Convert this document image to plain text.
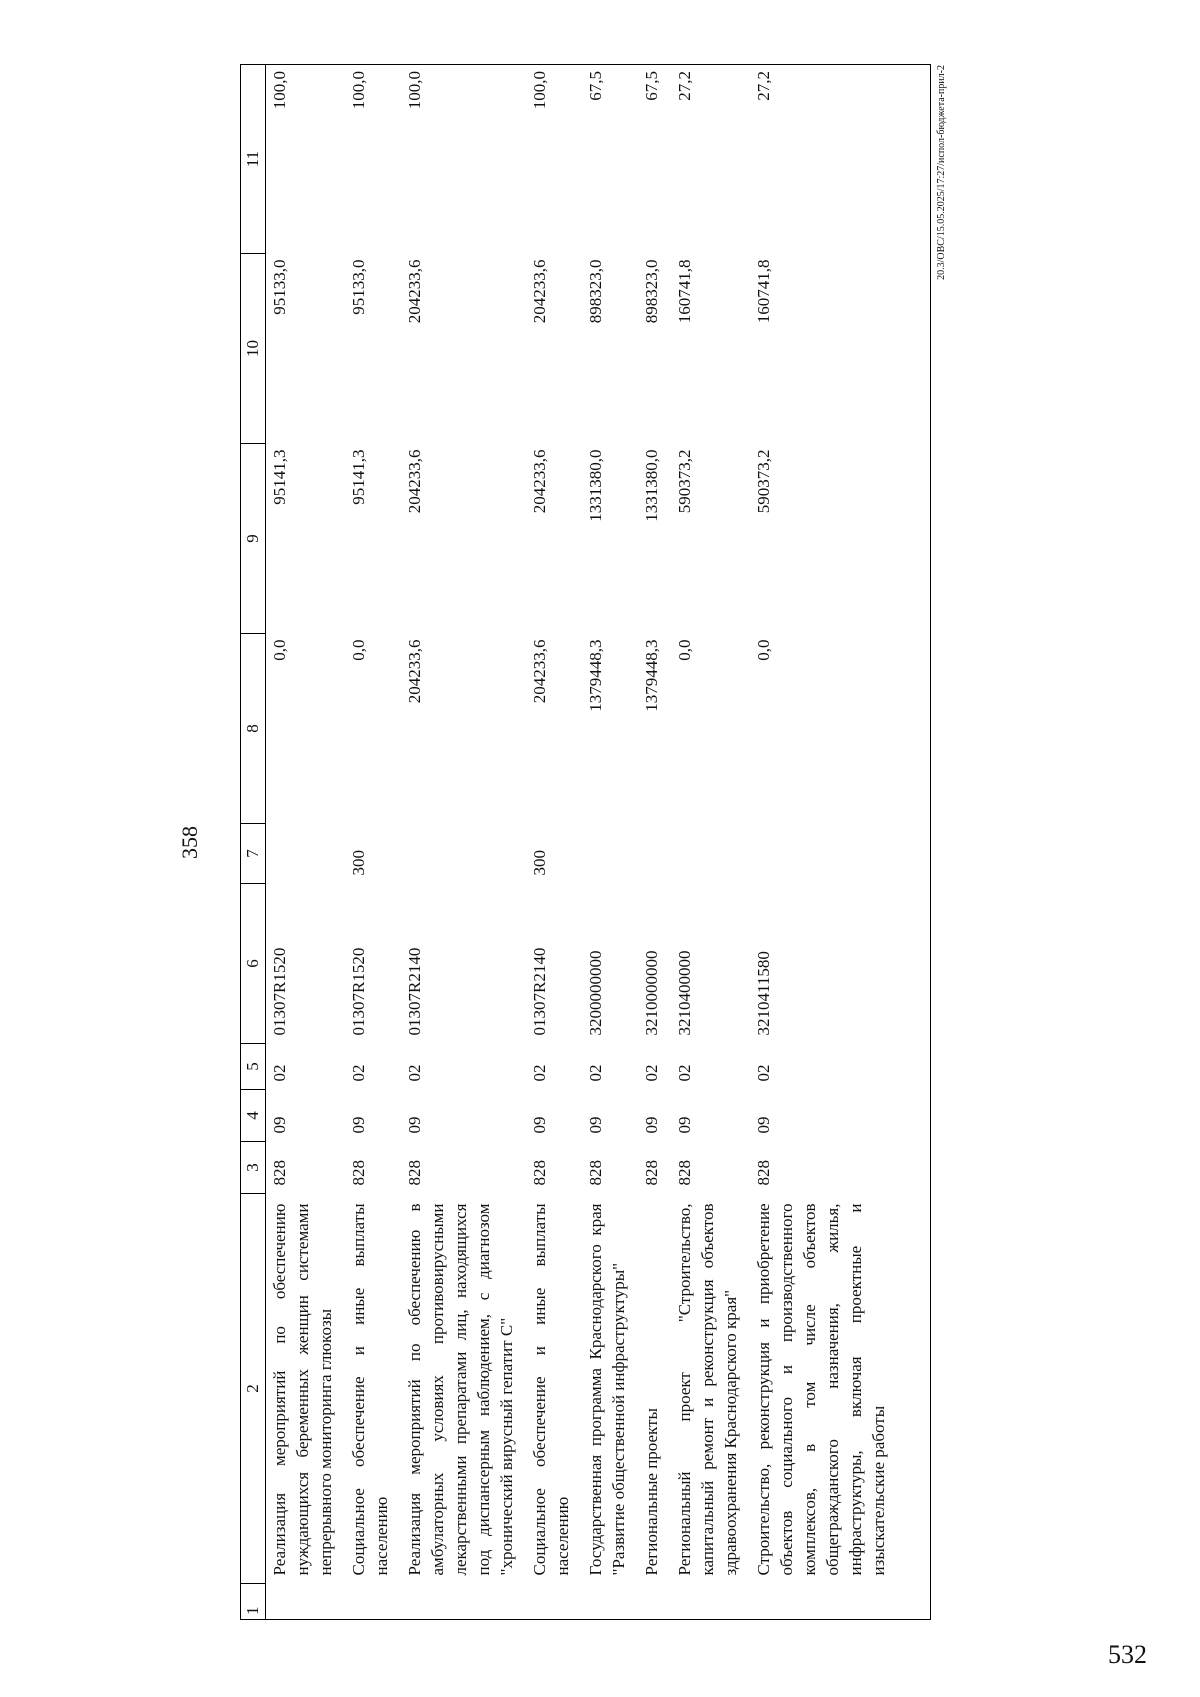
358
1	2	3	4	5	6	7	8	9	10	11
	Реализация мероприятий по обеспечению нуждающихся беременных женщин системами непрерывного мониторинга глюкозы	828	09	02	01307R1520		0,0	95141,3	95133,0	100,0
	Социальное обеспечение и иные выплаты населению	828	09	02	01307R1520	300	0,0	95141,3	95133,0	100,0
	Реализация мероприятий по обеспечению в амбулаторных условиях противовирусными лекарственными препаратами лиц, находящихся под диспансерным наблюдением, с диагнозом "хронический вирусный гепатит С"	828	09	02	01307R2140		204233,6	204233,6	204233,6	100,0
	Социальное обеспечение и иные выплаты населению	828	09	02	01307R2140	300	204233,6	204233,6	204233,6	100,0
	Государственная программа Краснодарского края "Развитие общественной инфраструктуры"	828	09	02	3200000000		1379448,3	1331380,0	898323,0	67,5
	Региональные проекты	828	09	02	3210000000		1379448,3	1331380,0	898323,0	67,5
	Региональный проект "Строительство, капитальный ремонт и реконструкция объектов здравоохранения Краснодарского края"	828	09	02	3210400000		0,0	590373,2	160741,8	27,2
	Строительство, реконструкция и приобретение объектов социального и производственного комплексов, в том числе объектов общегражданского назначения, жилья, инфраструктуры, включая проектные и изыскательские работы	828	09	02	3210411580		0,0	590373,2	160741,8	27,2	20.3/ОВС/15.05.2025/17:27/испол-бюджета-прил-2
532
